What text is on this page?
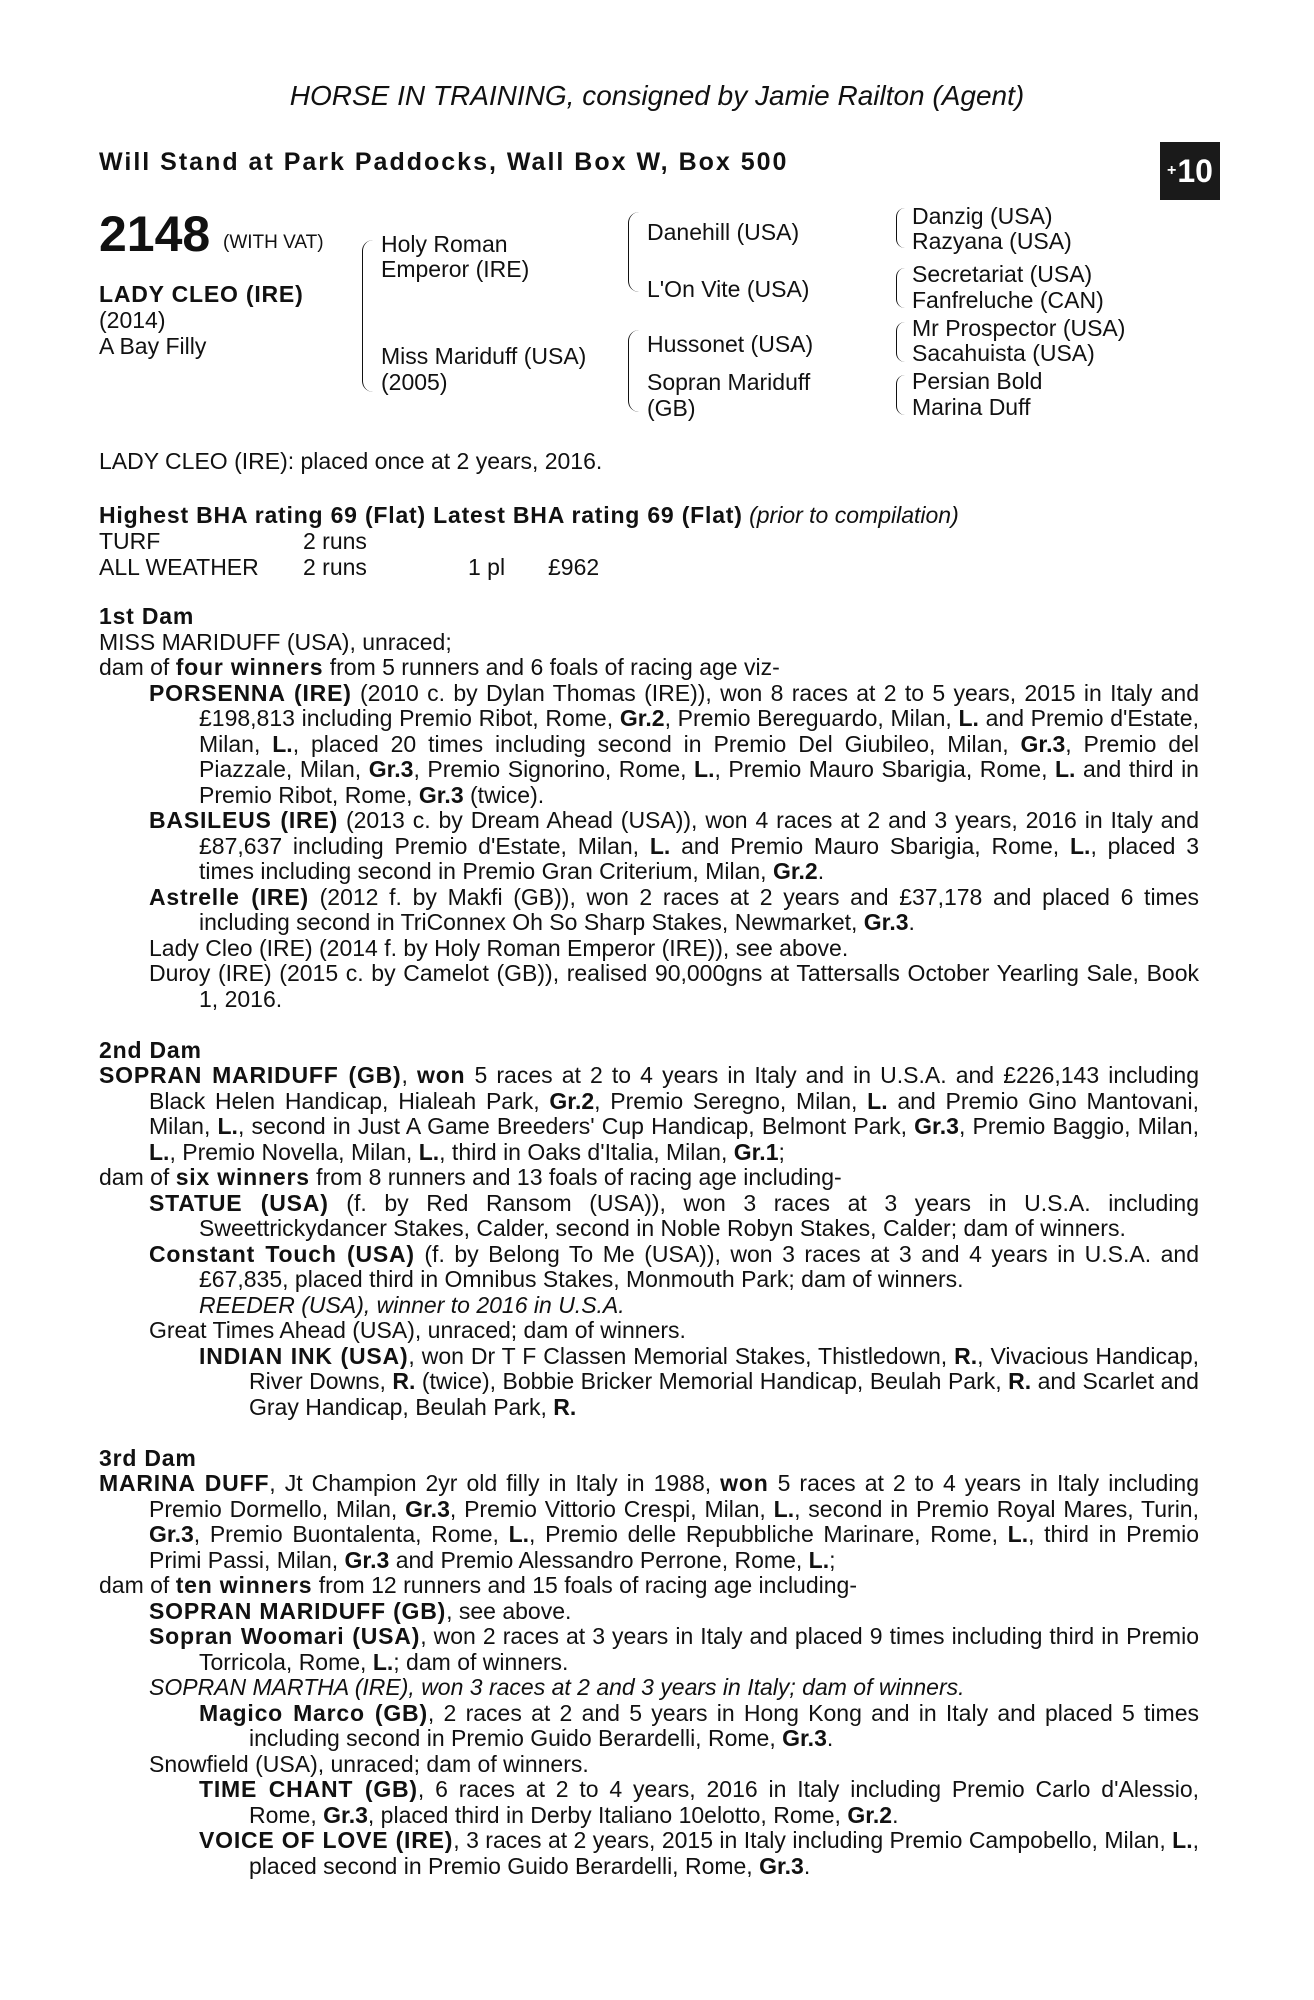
HORSE IN TRAINING, consigned by Jamie Railton (Agent)
Will Stand at Park Paddocks, Wall Box W, Box 500	+ 10
2148 (WITH VAT)
LADY CLEO (IRE)
(2014)
A Bay Filly
Holy Roman
Emperor (IRE)
Miss Mariduff (USA)
(2005)
Danehill (USA)
L'On Vite (USA)
Hussonet (USA)
Sopran Mariduff
(GB)
Danzig (USA)
Razyana (USA)
Secretariat (USA)
Fanfreluche (CAN)
Mr Prospector (USA)
Sacahuista (USA)
Persian Bold
Marina Duff
LADY CLEO (IRE): placed once at 2 years, 2016.
Highest BHA rating 69 (Flat) Latest BHA rating 69 (Flat) (prior to compilation)
TURF	2 runs
ALL WEATHER 2 runs	1 pl £962

1st Dam

MISS MARIDUFF (USA), unraced;

dam of four winners from 5 runners and 6 foals of racing age viz-

PORSENNA (IRE) (2010 c. by Dylan Thomas (IRE)), won 8 races at 2 to 5 years, 2015 in Italy and £198,813 including Premio Ribot, Rome, Gr.2, Premio Bereguardo, Milan, L. and Premio d'Estate, Milan, L., placed 20 times including second in Premio Del Giubileo, Milan, Gr.3, Premio del Piazzale, Milan, Gr.3, Premio Signorino, Rome, L., Premio Mauro Sbarigia, Rome, L. and third in Premio Ribot, Rome, Gr.3 (twice).

BASILEUS (IRE) (2013 c. by Dream Ahead (USA)), won 4 races at 2 and 3 years, 2016 in Italy and £87,637 including Premio d'Estate, Milan, L. and Premio Mauro Sbarigia, Rome, L., placed 3 times including second in Premio Gran Criterium, Milan, Gr.2.

Astrelle (IRE) (2012 f. by Makfi (GB)), won 2 races at 2 years and £37,178 and placed 6 times including second in TriConnex Oh So Sharp Stakes, Newmarket, Gr.3.

Lady Cleo (IRE) (2014 f. by Holy Roman Emperor (IRE)), see above.

Duroy (IRE) (2015 c. by Camelot (GB)), realised 90,000gns at Tattersalls October Yearling Sale, Book 1, 2016.

2nd Dam

SOPRAN MARIDUFF (GB), won 5 races at 2 to 4 years in Italy and in U.S.A. and £226,143 including Black Helen Handicap, Hialeah Park, Gr.2, Premio Seregno, Milan, L. and Premio Gino Mantovani, Milan, L., second in Just A Game Breeders' Cup Handicap, Belmont Park, Gr.3, Premio Baggio, Milan, L., Premio Novella, Milan, L., third in Oaks d'Italia, Milan, Gr.1;

dam of six winners from 8 runners and 13 foals of racing age including-

STATUE (USA) (f. by Red Ransom (USA)), won 3 races at 3 years in U.S.A. including Sweettrickydancer Stakes, Calder, second in Noble Robyn Stakes, Calder; dam of winners.

Constant Touch (USA) (f. by Belong To Me (USA)), won 3 races at 3 and 4 years in U.S.A. and £67,835, placed third in Omnibus Stakes, Monmouth Park; dam of winners.

REEDER (USA), winner to 2016 in U.S.A.

Great Times Ahead (USA), unraced; dam of winners.

INDIAN INK (USA), won Dr T F Classen Memorial Stakes, Thistledown, R., Vivacious Handicap, River Downs, R. (twice), Bobbie Bricker Memorial Handicap, Beulah Park, R. and Scarlet and Gray Handicap, Beulah Park, R.

3rd Dam

MARINA DUFF, Jt Champion 2yr old filly in Italy in 1988, won 5 races at 2 to 4 years in Italy including Premio Dormello, Milan, Gr.3, Premio Vittorio Crespi, Milan, L., second in Premio Royal Mares, Turin, Gr.3, Premio Buontalenta, Rome, L., Premio delle Repubbliche Marinare, Rome, L., third in Premio Primi Passi, Milan, Gr.3 and Premio Alessandro Perrone, Rome, L.;

dam of ten winners from 12 runners and 15 foals of racing age including-

SOPRAN MARIDUFF (GB), see above.

Sopran Woomari (USA), won 2 races at 3 years in Italy and placed 9 times including third in Premio Torricola, Rome, L.; dam of winners.

SOPRAN MARTHA (IRE), won 3 races at 2 and 3 years in Italy; dam of winners.

Magico Marco (GB), 2 races at 2 and 5 years in Hong Kong and in Italy and placed 5 times including second in Premio Guido Berardelli, Rome, Gr.3.

Snowfield (USA), unraced; dam of winners.

TIME CHANT (GB), 6 races at 2 to 4 years, 2016 in Italy including Premio Carlo d'Alessio, Rome, Gr.3, placed third in Derby Italiano 10elotto, Rome, Gr.2.

VOICE OF LOVE (IRE), 3 races at 2 years, 2015 in Italy including Premio Campobello, Milan, L., placed second in Premio Guido Berardelli, Rome, Gr.3.
